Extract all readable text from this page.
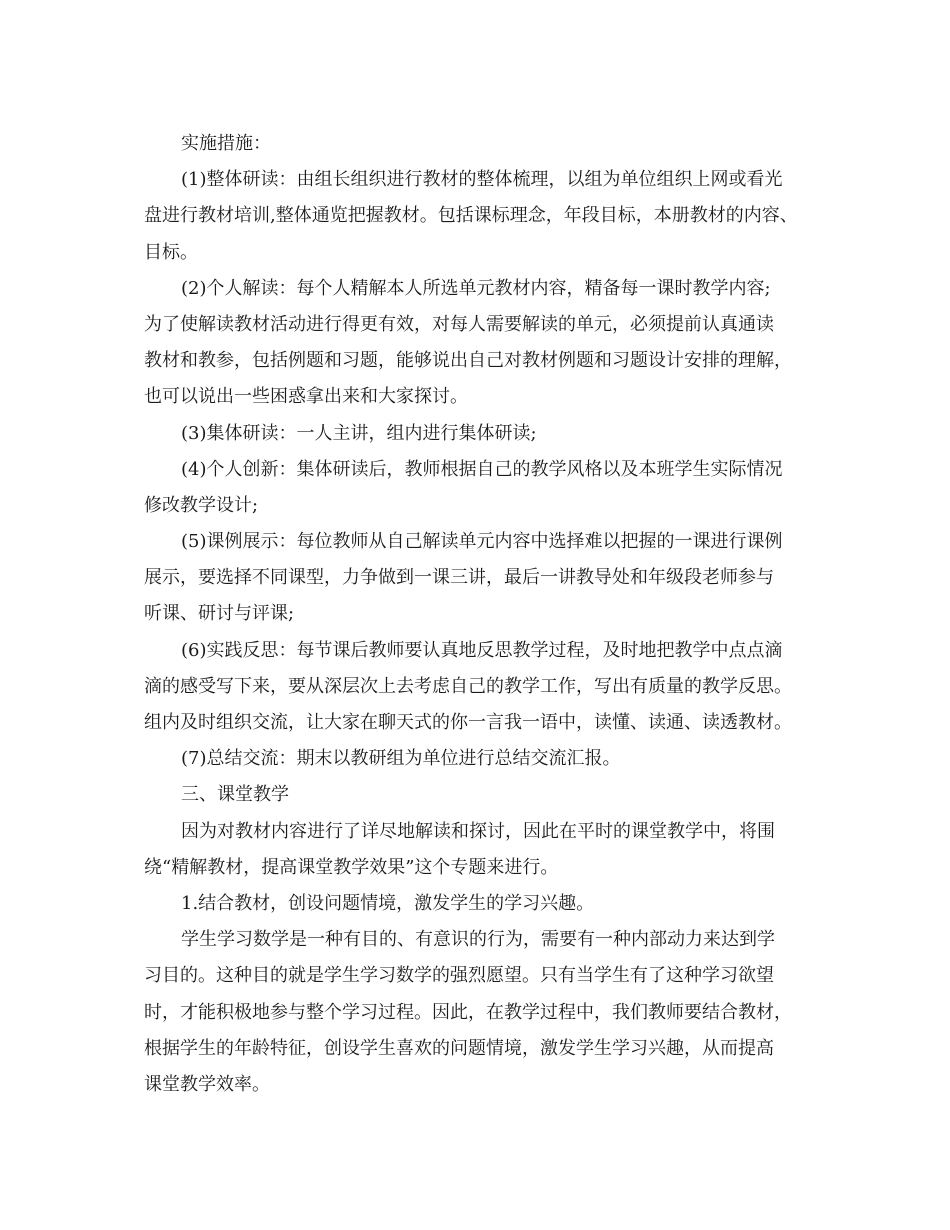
实施措施：
(1)整体研读：由组长组织进行教材的整体梳理，以组为单位组织上网或看光
盘进行教材培训,整体通览把握教材。包括课标理念，年段目标，本册教材的内容、
目标。
(2)个人解读：每个人精解本人所选单元教材内容，精备每一课时教学内容;
为了使解读教材活动进行得更有效，对每人需要解读的单元，必须提前认真通读
教材和教参，包括例题和习题，能够说出自己对教材例题和习题设计安排的理解，
也可以说出一些困惑拿出来和大家探讨。
(3)集体研读：一人主讲，组内进行集体研读;
(4)个人创新：集体研读后，教师根据自己的教学风格以及本班学生实际情况
修改教学设计;
(5)课例展示：每位教师从自己解读单元内容中选择难以把握的一课进行课例
展示，要选择不同课型，力争做到一课三讲，最后一讲教导处和年级段老师参与
听课、研讨与评课;
(6)实践反思：每节课后教师要认真地反思教学过程，及时地把教学中点点滴
滴的感受写下来，要从深层次上去考虑自己的教学工作，写出有质量的教学反思。
组内及时组织交流，让大家在聊天式的你一言我一语中，读懂、读通、读透教材。
(7)总结交流：期末以教研组为单位进行总结交流汇报。
三、课堂教学
因为对教材内容进行了详尽地解读和探讨，因此在平时的课堂教学中，将围
绕“精解教材，提高课堂教学效果”这个专题来进行。
1.结合教材，创设问题情境，激发学生的学习兴趣。
学生学习数学是一种有目的、有意识的行为，需要有一种内部动力来达到学
习目的。这种目的就是学生学习数学的强烈愿望。只有当学生有了这种学习欲望
时，才能积极地参与整个学习过程。因此，在教学过程中，我们教师要结合教材，
根据学生的年龄特征，创设学生喜欢的问题情境，激发学生学习兴趣，从而提高
课堂教学效率。
